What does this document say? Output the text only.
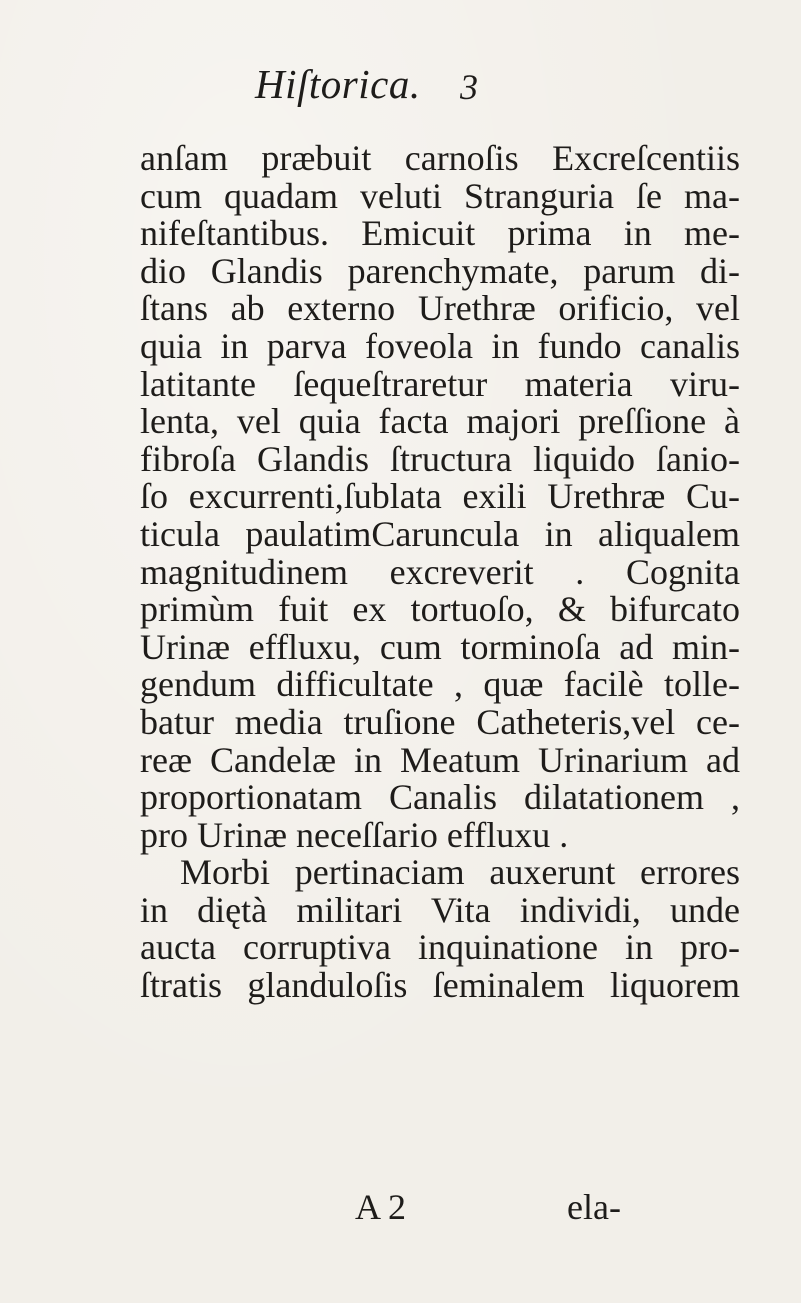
Hiſtorica. 3
anſam præbuit carnoſis Excreſcentiis
cum quadam veluti Stranguria ſe ma-
nifeſtantibus. Emicuit prima in me-
dio Glandis parenchymate, parum di-
ſtans ab externo Urethræ orificio, vel
quia in parva foveola in fundo canalis
latitante ſequeſtraretur materia viru-
lenta, vel quia facta majori preſſione à
fibroſa Glandis ſtructura liquido ſanio-
ſo excurrenti,ſublata exili Urethræ Cu-
ticula paulatimCaruncula in aliqualem
magnitudinem excreverit . Cognita
primùm fuit ex tortuoſo, & bifurcato
Urinæ effluxu, cum torminoſa ad min-
gendum difficultate , quæ facilè tolle-
batur media truſione Catheteris,vel ce-
reæ Candelæ in Meatum Urinarium ad
proportionatam Canalis dilatationem ,
pro Urinæ neceſſario effluxu .
Morbi pertinaciam auxerunt errores
in diętà militari Vita individi, unde
aucta corruptiva inquinatione in pro-
ſtratis glanduloſis ſeminalem liquorem
A 2	ela-
